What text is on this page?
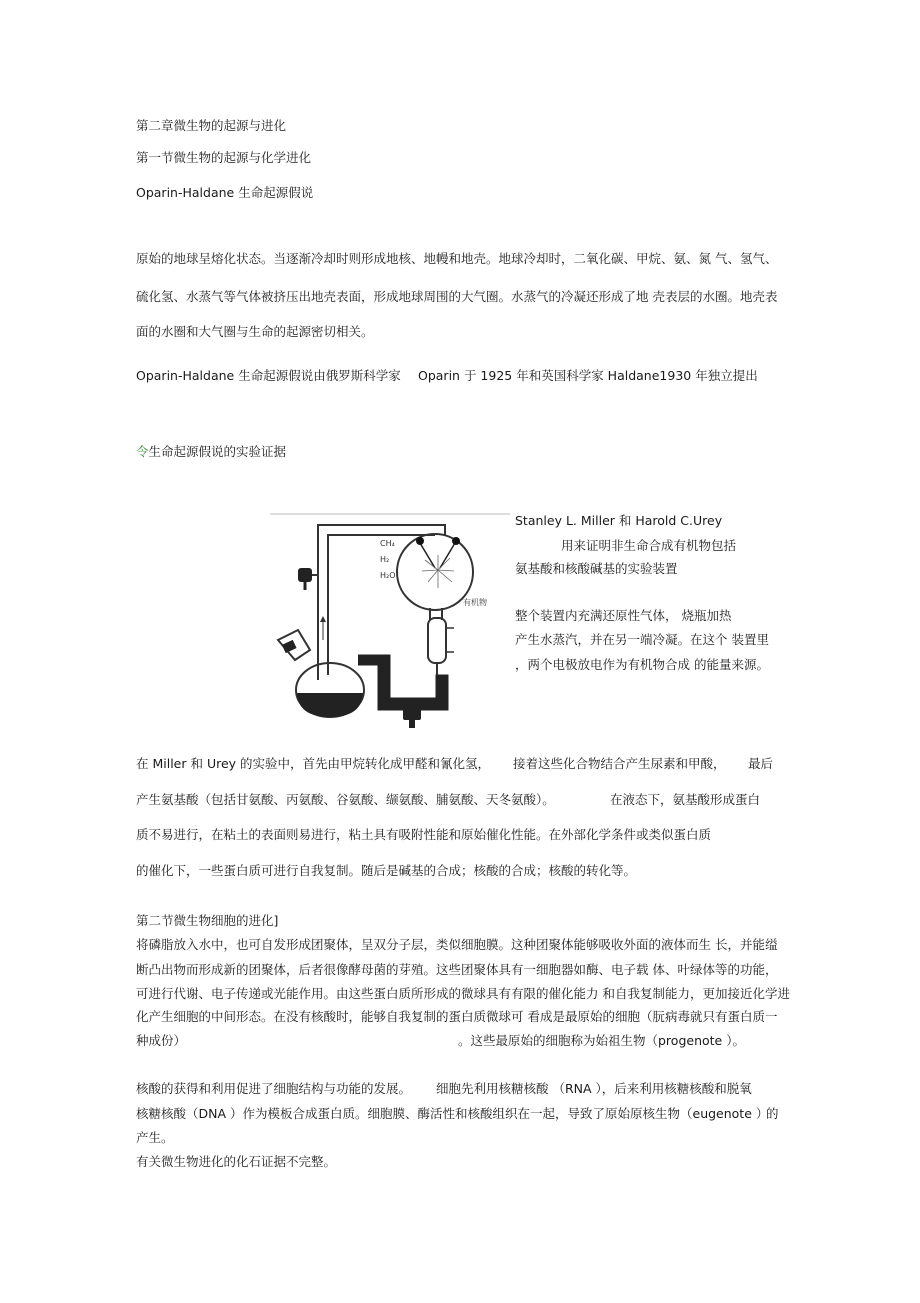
第二章微生物的起源与进化
第一节微生物的起源与化学进化
Oparin-Haldane 生命起源假说
原始的地球呈熔化状态。当逐渐冷却时则形成地核、地幔和地壳。地球冷却时，二氧化碳、甲烷、氨、氮 气、氢气、
硫化氢、水蒸气等气体被挤压出地壳表面，形成地球周围的大气圈。水蒸气的冷凝还形成了地 壳表层的水圈。地壳表
面的水圈和大气圈与生命的起源密切相关。
Oparin-Haldane 生命起源假说由俄罗斯科学家 Oparin 于 1925 年和英国科学家 Haldane1930 年独立提出
令生命起源假说的实验证据
CH₄
H₂
H₂O
有机物
Stanley L. Miller 和 Harold C.Urey
用来证明非生命合成有机物包括
氨基酸和核酸碱基的实验装置
整个装置内充满还原性气体， 烧瓶加热
产生水蒸汽，并在另一端冷凝。在这个 装置里
，两个电极放电作为有机物合成 的能量来源。
在 Miller 和 Urey 的实验中，首先由甲烷转化成甲醛和氰化氢， 接着这些化合物结合产生尿素和甲酸， 最后
产生氨基酸（包括甘氨酸、丙氨酸、谷氨酸、缬氨酸、脯氨酸、天冬氨酸）。	在液态下，氨基酸形成蛋白
质不易进行，在粘土的表面则易进行，粘土具有吸附性能和原始催化性能。在外部化学条件或类似蛋白质
的催化下，一些蛋白质可进行自我复制。随后是碱基的合成；核酸的合成；核酸的转化等。
第二节微生物细胞的进化]
将磷脂放入水中，也可自发形成团聚体，呈双分子层，类似细胞膜。这种团聚体能够吸收外面的液体而生 长，并能缢
断凸出物而形成新的团聚体，后者很像酵母菌的芽殖。这些团聚体具有一细胞器如酶、电子载 体、叶绿体等的功能，
可进行代谢、电子传递或光能作用。由这些蛋白质所形成的微球具有有限的催化能力 和自我复制能力，更加接近化学进
化产生细胞的中间形态。在没有核酸时，能够自我复制的蛋白质微球可 看成是最原始的细胞（朊病毒就只有蛋白质一
种成份）	。这些最原始的细胞称为始祖生物（progenote ）。
核酸的获得和利用促进了细胞结构与功能的发展。 细胞先利用核糖核酸 （RNA ），后来利用核糖核酸和脱氧
核糖核酸（DNA ）作为模板合成蛋白质。细胞膜、酶活性和核酸组织在一起，导致了原始原核生物（eugenote ）
的
产生。
有关微生物进化的化石证据不完整。
